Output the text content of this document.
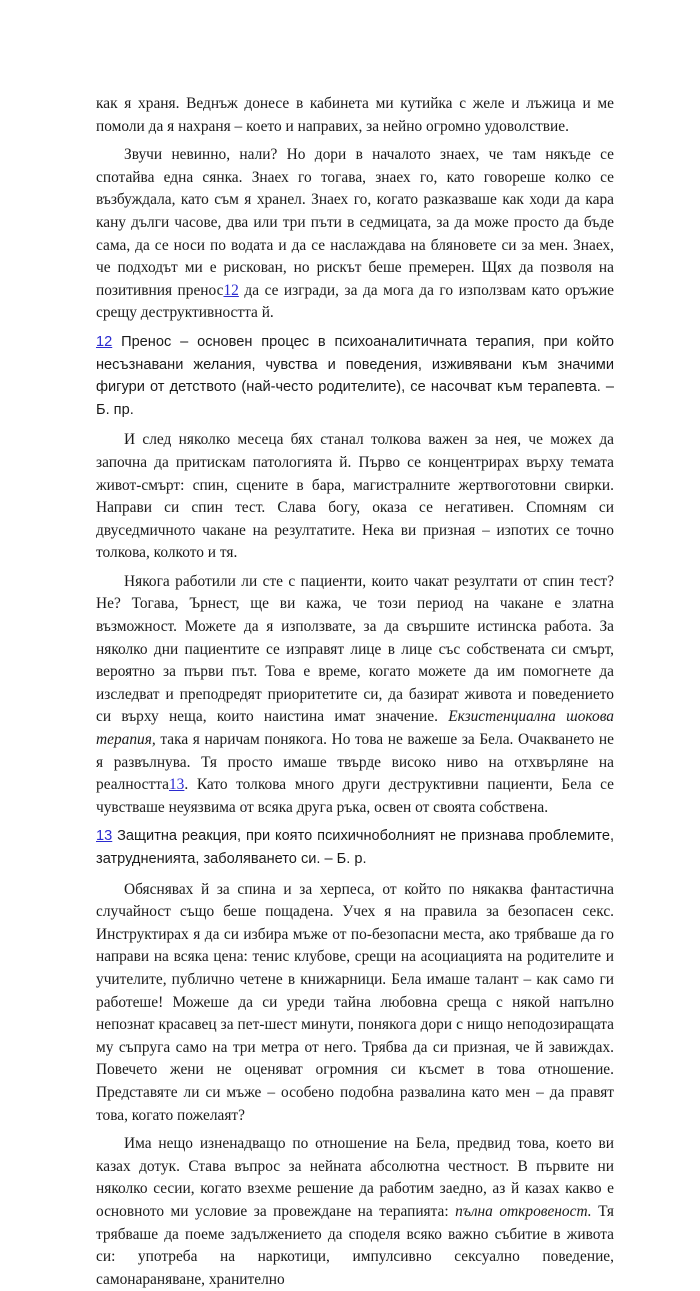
как я храня. Веднъж донесе в кабинета ми кутийка с желе и лъжица и ме помоли да я нахраня – което и направих, за нейно огромно удоволствие.

Звучи невинно, нали? Но дори в началото знаех, че там някъде се спотайва една сянка. Знаех го тогава, знаех го, като говореше колко се възбуждала, като съм я хранел. Знаех го, когато разказваше как ходи да кара кану дълги часове, два или три пъти в седмицата, за да може просто да бъде сама, да се носи по водата и да се наслаждава на бляновете си за мен. Знаех, че подходът ми е рискован, но рискът беше премерен. Щях да позволя на позитивния пренос12 да се изгради, за да мога да го използвам като оръжие срещу деструктивността й.

12 Пренос – основен процес в психоаналитичната терапия, при който несъзнавани желания, чувства и поведения, изживявани към значими фигури от детството (най-често родителите), се насочват към терапевта. – Б. пр.

И след няколко месеца бях станал толкова важен за нея, че можех да започна да притискам патологията й. Първо се концентрирах върху темата живот-смърт: спин, сцените в бара, магистралните жертвоготовни свирки. Направи си спин тест. Слава богу, оказа се негативен. Спомням си двуседмичното чакане на резултатите. Нека ви призная – изпотих се точно толкова, колкото и тя.

Някога работили ли сте с пациенти, които чакат резултати от спин тест? Не? Тогава, Ърнест, ще ви кажа, че този период на чакане е златна възможност. Можете да я използвате, за да свършите истинска работа. За няколко дни пациентите се изправят лице в лице със собствената си смърт, вероятно за първи път. Това е време, когато можете да им помогнете да изследват и преподредят приоритетите си, да базират живота и поведението си върху неща, които наистина имат значение. Екзистенциална шокова терапия, така я наричам понякога. Но това не важеше за Бела. Очакването не я развълнува. Тя просто имаше твърде високо ниво на отхвърляне на реалността13. Като толкова много други деструктивни пациенти, Бела се чувстваше неуязвима от всяка друга ръка, освен от своята собствена.

13 Защитна реакция, при която психичноболният не признава проблемите, затрудненията, заболяването си. – Б. р.

Обяснявах й за спина и за херпеса, от който по някаква фантастична случайност също беше пощадена. Учех я на правила за безопасен секс. Инструктирах я да си избира мъже от по-безопасни места, ако трябваше да го направи на всяка цена: тенис клубове, срещи на асоциацията на родителите и учителите, публично четене в книжарници. Бела имаше талант – как само ги работеше! Можеше да си уреди тайна любовна среща с някой напълно непознат красавец за пет-шест минути, понякога дори с нищо неподозиращата му съпруга само на три метра от него. Трябва да си призная, че й завиждах. Повечето жени не оценяват огромния си късмет в това отношение. Представяте ли си мъже – особено подобна развалина като мен – да правят това, когато пожелаят?

Има нещо изненадващо по отношение на Бела, предвид това, което ви казах дотук. Става въпрос за нейната абсолютна честност. В първите ни няколко сесии, когато взехме решение да работим заедно, аз й казах какво е основното ми условие за провеждане на терапията: пълна откровеност. Тя трябваше да поеме задължението да споделя всяко важно събитие в живота си: употреба на наркотици, импулсивно сексуално поведение, самонараняване, хранително
